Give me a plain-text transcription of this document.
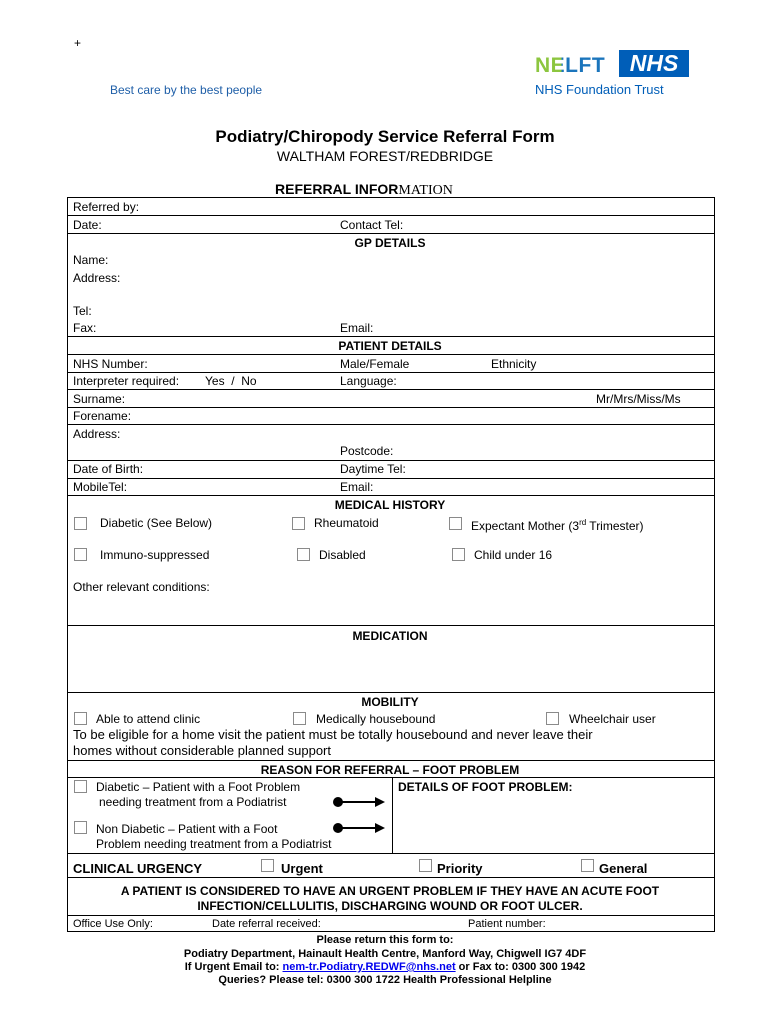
+
Best care by the best people
NELFT	NHS
NHS Foundation Trust
Podiatry/Chiropody Service Referral Form
WALTHAM FOREST/REDBRIDGE
REFERRAL INFORMATION
Referred by:
Date:	Contact Tel:
GP DETAILS
Name:
Address:
Tel:
Fax:	Email:
PATIENT DETAILS
NHS Number:	Male/Female	Ethnicity
Interpreter required: Yes  /  No	Language:
Surname:	Mr/Mrs/Miss/Ms
Forename:
Address:
Postcode:
Date of Birth:	Daytime Tel:
MobileTel:	Email:
MEDICAL HISTORY
Diabetic (See Below)	Rheumatoid	Expectant Mother (3rd Trimester)
Immuno-suppressed	Disabled	Child under 16
Other relevant conditions:
MEDICATION
MOBILITY
Able to attend clinic	Medically housebound	Wheelchair user
To be eligible for a home visit the patient must be totally housebound and never leave their
homes without considerable planned support
REASON FOR REFERRAL – FOOT PROBLEM
Diabetic – Patient with a Foot Problem
needing treatment from a Podiatrist
Non Diabetic – Patient with a Foot
Problem needing treatment from a Podiatrist
DETAILS OF FOOT PROBLEM:
CLINICAL URGENCY	Urgent	Priority	General
A PATIENT IS CONSIDERED TO HAVE AN URGENT PROBLEM IF THEY HAVE AN ACUTE FOOT
INFECTION/CELLULITIS, DISCHARGING WOUND OR FOOT ULCER.
Office Use Only:	Date referral received:	Patient number:
Please return this form to:
Podiatry Department, Hainault Health Centre, Manford Way, Chigwell IG7 4DF
If Urgent Email to: nem-tr.Podiatry.REDWF@nhs.net or Fax to: 0300 300 1942
Queries? Please tel: 0300 300 1722 Health Professional Helpline
